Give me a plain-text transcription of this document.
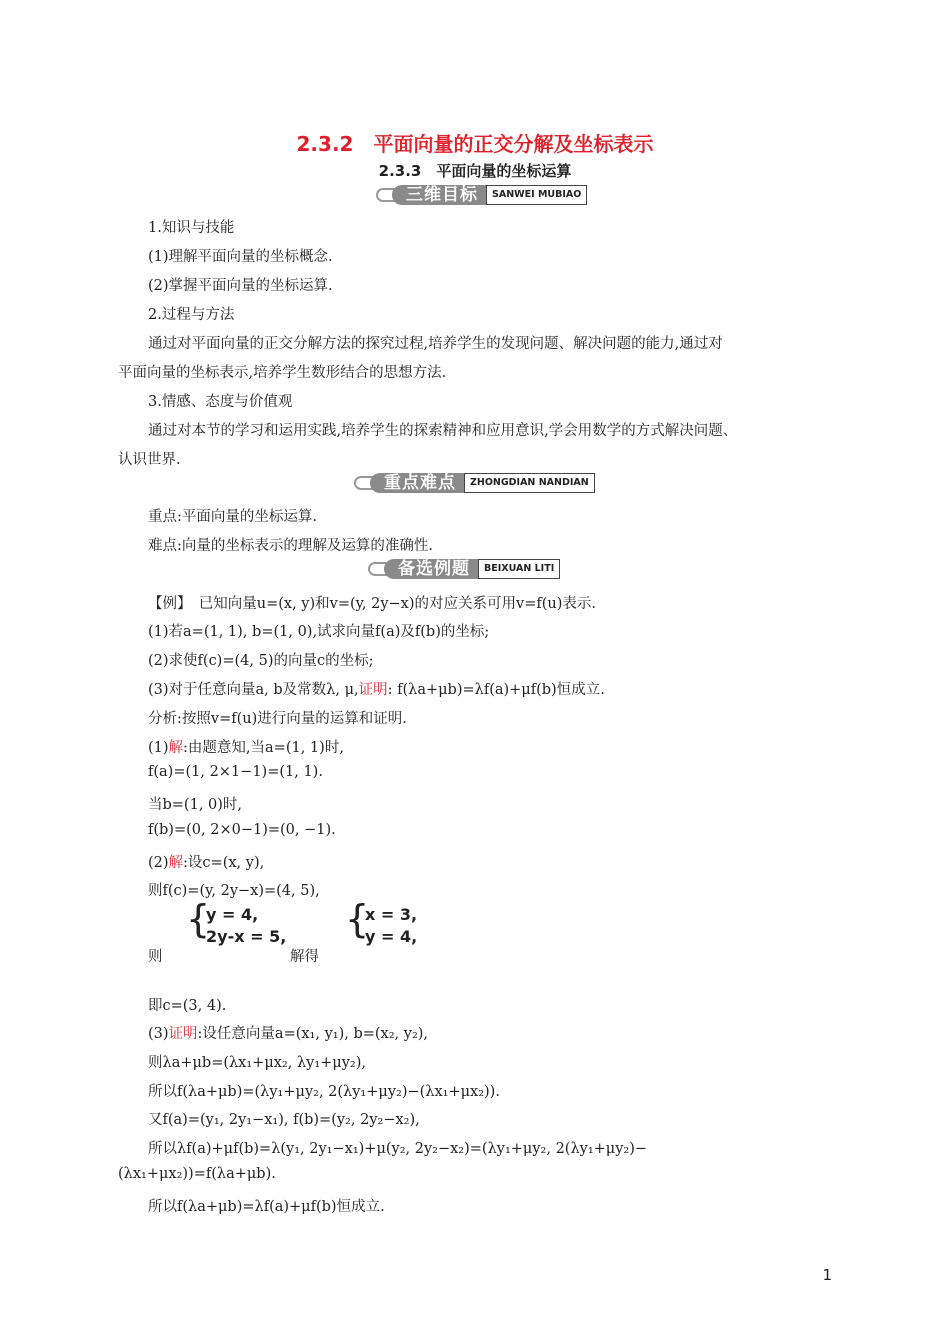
2.3.2　平面向量的正交分解及坐标表示
2.3.3　平面向量的坐标运算
三维目标	SANWEI MUBIAO
1.知识与技能
(1)理解平面向量的坐标概念.
(2)掌握平面向量的坐标运算.
2.过程与方法
通过对平面向量的正交分解方法的探究过程,培养学生的发现问题、解决问题的能力,通过对
平面向量的坐标表示,培养学生数形结合的思想方法.
3.情感、态度与价值观
通过对本节的学习和运用实践,培养学生的探索精神和应用意识,学会用数学的方式解决问题、
认识世界.
重点难点	ZHONGDIAN NANDIAN
重点:平面向量的坐标运算.
难点:向量的坐标表示的理解及运算的准确性.
备选例题	BEIXUAN LITI
【例】　已知向量u=(x, y)和v=(y, 2y−x)的对应关系可用v=f(u)表示.
(1)若a=(1, 1), b=(1, 0),试求向量f(a)及f(b)的坐标;
(2)求使f(c)=(4, 5)的向量c的坐标;
(3)对于任意向量a, b及常数λ, μ,证明: f(λa+μb)=λf(a)+μf(b)恒成立.
分析:按照v=f(u)进行向量的运算和证明.
(1)解:由题意知,当a=(1, 1)时,
f(a)=(1, 2×1−1)=(1, 1).
当b=(1, 0)时,
f(b)=(0, 2×0−1)=(0, −1).
(2)解:设c=(x, y),
则f(c)=(y, 2y−x)=(4, 5),
则
{
y = 4,
2y-x = 5,
解得
{
x = 3,
y = 4,
即c=(3, 4).
(3)证明:设任意向量a=(x₁, y₁), b=(x₂, y₂),
则λa+μb=(λx₁+μx₂, λy₁+μy₂),
所以f(λa+μb)=(λy₁+μy₂, 2(λy₁+μy₂)−(λx₁+μx₂)).
又f(a)=(y₁, 2y₁−x₁), f(b)=(y₂, 2y₂−x₂),
所以λf(a)+μf(b)=λ(y₁, 2y₁−x₁)+μ(y₂, 2y₂−x₂)=(λy₁+μy₂, 2(λy₁+μy₂)−
(λx₁+μx₂))=f(λa+μb).
所以f(λa+μb)=λf(a)+μf(b)恒成立.
1
